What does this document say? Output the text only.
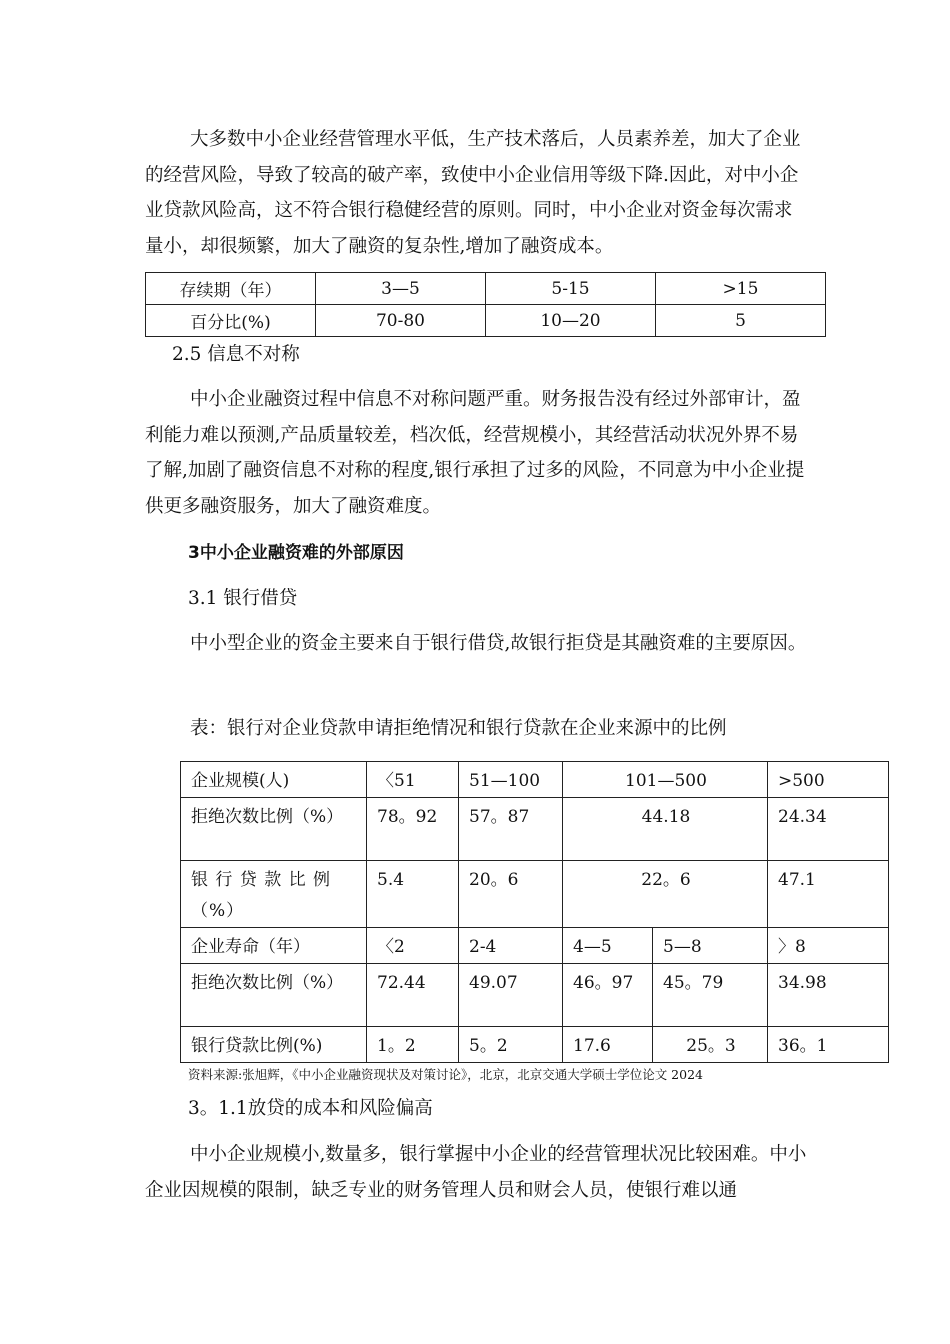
大多数中小企业经营管理水平低，生产技术落后，人员素养差，加大了企业的经营风险，导致了较高的破产率，致使中小企业信用等级下降.因此，对中小企业贷款风险高，这不符合银行稳健经营的原则。同时，中小企业对资金每次需求量小，却很频繁，加大了融资的复杂性,增加了融资成本。

存续期（年）	3—5	5-15	>15
百分比(%)	70-80	10—20	5

2.5 信息不对称

中小企业融资过程中信息不对称问题严重。财务报告没有经过外部审计，盈利能力难以预测,产品质量较差，档次低，经营规模小，其经营活动状况外界不易了解,加剧了融资信息不对称的程度,银行承担了过多的风险，不同意为中小企业提供更多融资服务，加大了融资难度。

3中小企业融资难的外部原因

3.1 银行借贷

中小型企业的资金主要来自于银行借贷,故银行拒贷是其融资难的主要原因。

表：银行对企业贷款申请拒绝情况和银行贷款在企业来源中的比例

企业规模(人)	〈51	51—100	101—500		>500
拒绝次数比例（%）	78。92	57。87	44.18		24.34
银 行 贷 款 比 例（%）	5.4	20。6	22。6		47.1
企业寿命（年）	〈2	2-4	4—5	5—8	〉8
拒绝次数比例（%）	72.44	49.07	46。97	45。79	34.98
银行贷款比例(%)	1。2	5。2	17.6	25。3	36。1

资料来源:张旭辉，《中小企业融资现状及对策讨论》，北京，北京交通大学硕士学位论文 2024

3。1.1放贷的成本和风险偏高

中小企业规模小,数量多，银行掌握中小企业的经营管理状况比较困难。中小企业因规模的限制，缺乏专业的财务管理人员和财会人员，使银行难以通
